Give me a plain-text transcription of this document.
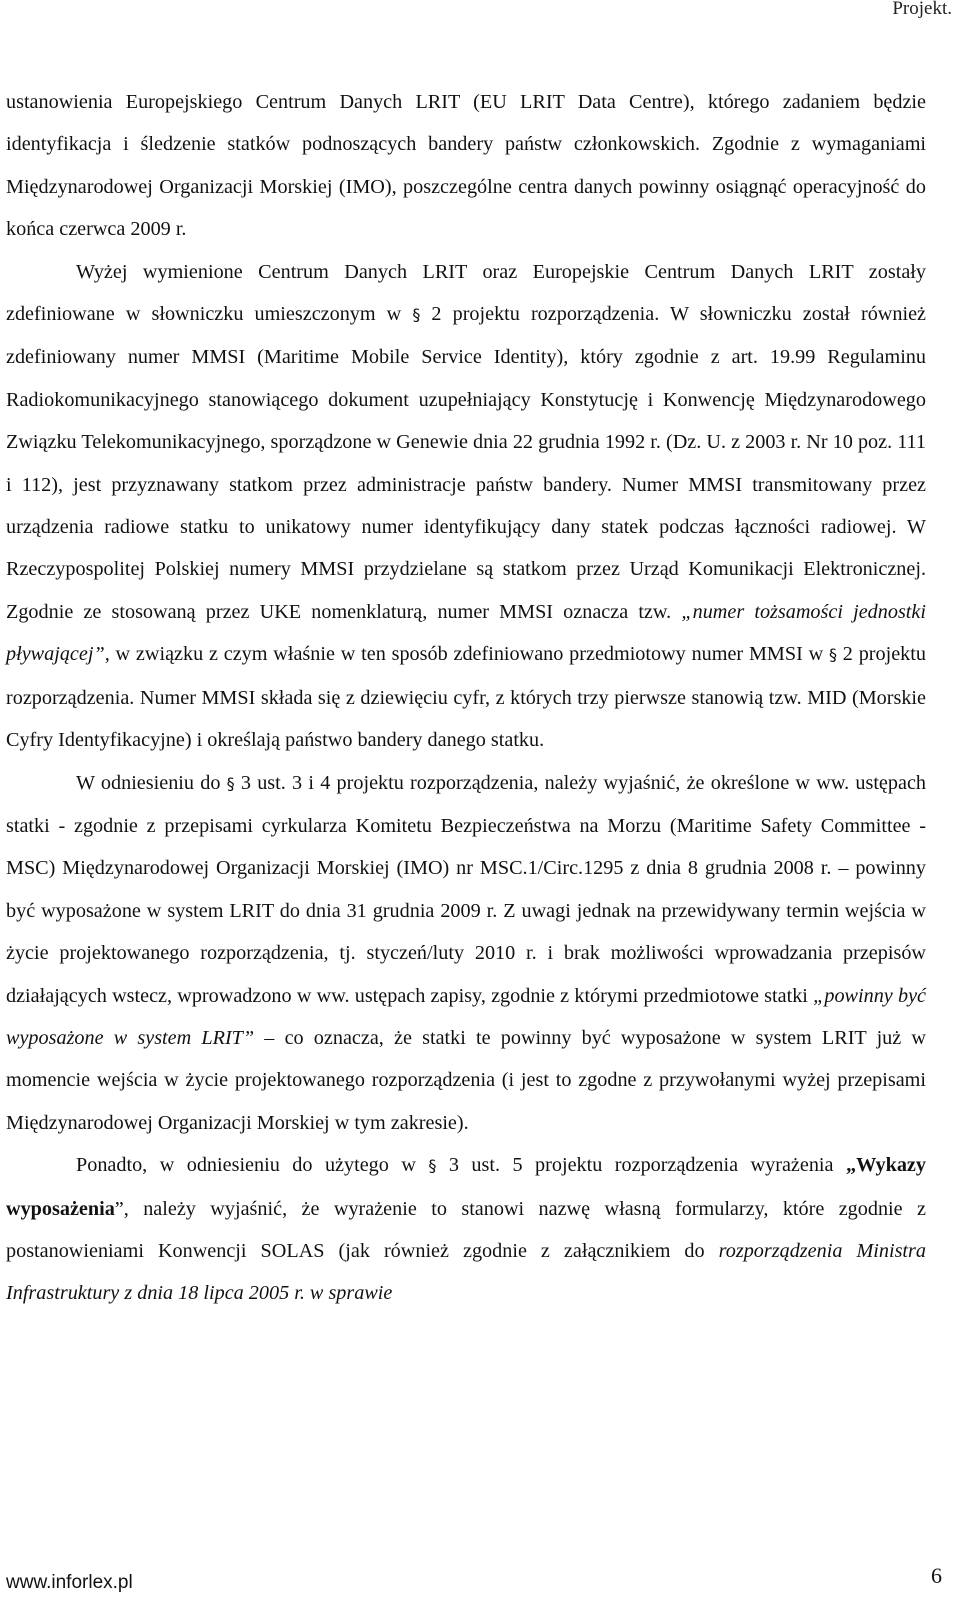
Projekt.

ustanowienia Europejskiego Centrum Danych LRIT (EU LRIT Data Centre), którego zadaniem będzie identyfikacja i śledzenie statków podnoszących bandery państw członkowskich. Zgodnie z wymaganiami Międzynarodowej Organizacji Morskiej (IMO), poszczególne centra danych powinny osiągnąć operacyjność do końca czerwca 2009 r.

Wyżej wymienione Centrum Danych LRIT oraz Europejskie Centrum Danych LRIT zostały zdefiniowane w słowniczku umieszczonym w § 2 projektu rozporządzenia. W słowniczku został również zdefiniowany numer MMSI (Maritime Mobile Service Identity), który zgodnie z art. 19.99 Regulaminu Radiokomunikacyjnego stanowiącego dokument uzupełniający Konstytucję i Konwencję Międzynarodowego Związku Telekomunikacyjnego, sporządzone w Genewie dnia 22 grudnia 1992 r. (Dz. U. z 2003 r. Nr 10 poz. 111 i 112), jest przyznawany statkom przez administracje państw bandery. Numer MMSI transmitowany przez urządzenia radiowe statku to unikatowy numer identyfikujący dany statek podczas łączności radiowej. W Rzeczypospolitej Polskiej numery MMSI przydzielane są statkom przez Urząd Komunikacji Elektronicznej. Zgodnie ze stosowaną przez UKE nomenklaturą, numer MMSI oznacza tzw. „numer tożsamości jednostki pływającej”, w związku z czym właśnie w ten sposób zdefiniowano przedmiotowy numer MMSI w § 2 projektu rozporządzenia. Numer MMSI składa się z dziewięciu cyfr, z których trzy pierwsze stanowią tzw. MID (Morskie Cyfry Identyfikacyjne) i określają państwo bandery danego statku.

W odniesieniu do § 3 ust. 3 i 4 projektu rozporządzenia, należy wyjaśnić, że określone w ww. ustępach statki - zgodnie z przepisami cyrkularza Komitetu Bezpieczeństwa na Morzu (Maritime Safety Committee - MSC) Międzynarodowej Organizacji Morskiej (IMO) nr MSC.1/Circ.1295 z dnia 8 grudnia 2008 r. – powinny być wyposażone w system LRIT do dnia 31 grudnia 2009 r. Z uwagi jednak na przewidywany termin wejścia w życie projektowanego rozporządzenia, tj. styczeń/luty 2010 r. i brak możliwości wprowadzania przepisów działających wstecz, wprowadzono w ww. ustępach zapisy, zgodnie z którymi przedmiotowe statki „powinny być wyposażone w system LRIT” – co oznacza, że statki te powinny być wyposażone w system LRIT już w momencie wejścia w życie projektowanego rozporządzenia (i jest to zgodne z przywołanymi wyżej przepisami Międzynarodowej Organizacji Morskiej w tym zakresie).

Ponadto, w odniesieniu do użytego w § 3 ust. 5 projektu rozporządzenia wyrażenia „Wykazy wyposażenia”, należy wyjaśnić, że wyrażenie to stanowi nazwę własną formularzy, które zgodnie z postanowieniami Konwencji SOLAS (jak również zgodnie z załącznikiem do rozporządzenia Ministra Infrastruktury z dnia 18 lipca 2005 r. w sprawie

www.inforlex.pl	6
